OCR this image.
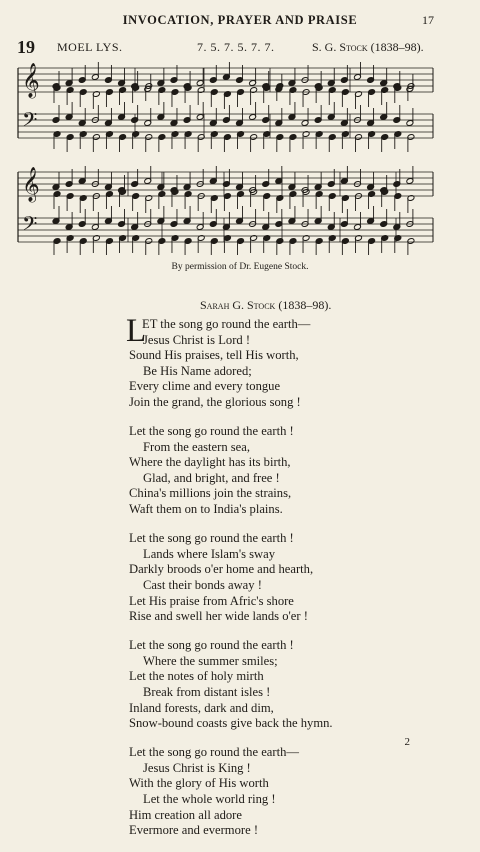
INVOCATION, PRAYER AND PRAISE	17
19 MOEL LYS.	7. 5. 7. 5. 7. 7.	S. G. Stock (1838–98).
𝄞
𝄢
𝄞
𝄢
By permission of Dr. Eugene Stock.
Sarah G. Stock (1838–98).
L
ET the song go round the earth—
Jesus Christ is Lord !
Sound His praises, tell His worth,
Be His Name adored;
Every clime and every tongue
Join the grand, the glorious song !
Let the song go round the earth !
From the eastern sea,
Where the daylight has its birth,
Glad, and bright, and free !
China's millions join the strains,
Waft them on to India's plains.
Let the song go round the earth !
Lands where Islam's sway
Darkly broods o'er home and hearth,
Cast their bonds away !
Let His praise from Afric's shore
Rise and swell her wide lands o'er !
Let the song go round the earth !
Where the summer smiles;
Let the notes of holy mirth
Break from distant isles !
Inland forests, dark and dim,
Snow-bound coasts give back the hymn.
Let the song go round the earth—
Jesus Christ is King !
With the glory of His worth
Let the whole world ring !
Him creation all adore
Evermore and evermore !
2
